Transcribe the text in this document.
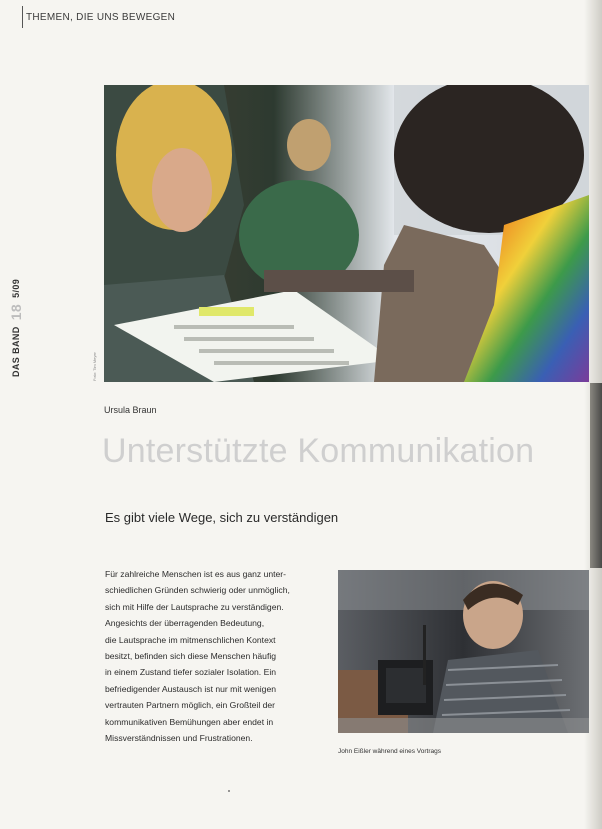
THEMEN, DIE UNS BEWEGEN
DAS BAND
18
5/09
Foto: Tim Meyer
Ursula Braun
Unterstützte Kommunikation
Es gibt viele Wege, sich zu verständigen

Für zahlreiche Menschen ist es aus ganz unter-

schiedlichen Gründen schwierig oder unmöglich,

sich mit Hilfe der Lautsprache zu verständigen.

Angesichts der überragenden Bedeutung,

die Lautsprache im mitmenschlichen Kontext

besitzt, befinden sich diese Menschen häufig

in einem Zustand tiefer sozialer Isolation. Ein

befriedigender Austausch ist nur mit wenigen

vertrauten Partnern möglich, ein Großteil der

kommunikativen Bemühungen aber endet in

Missverständnissen und Frustrationen.

John Eißler während eines Vortrags
